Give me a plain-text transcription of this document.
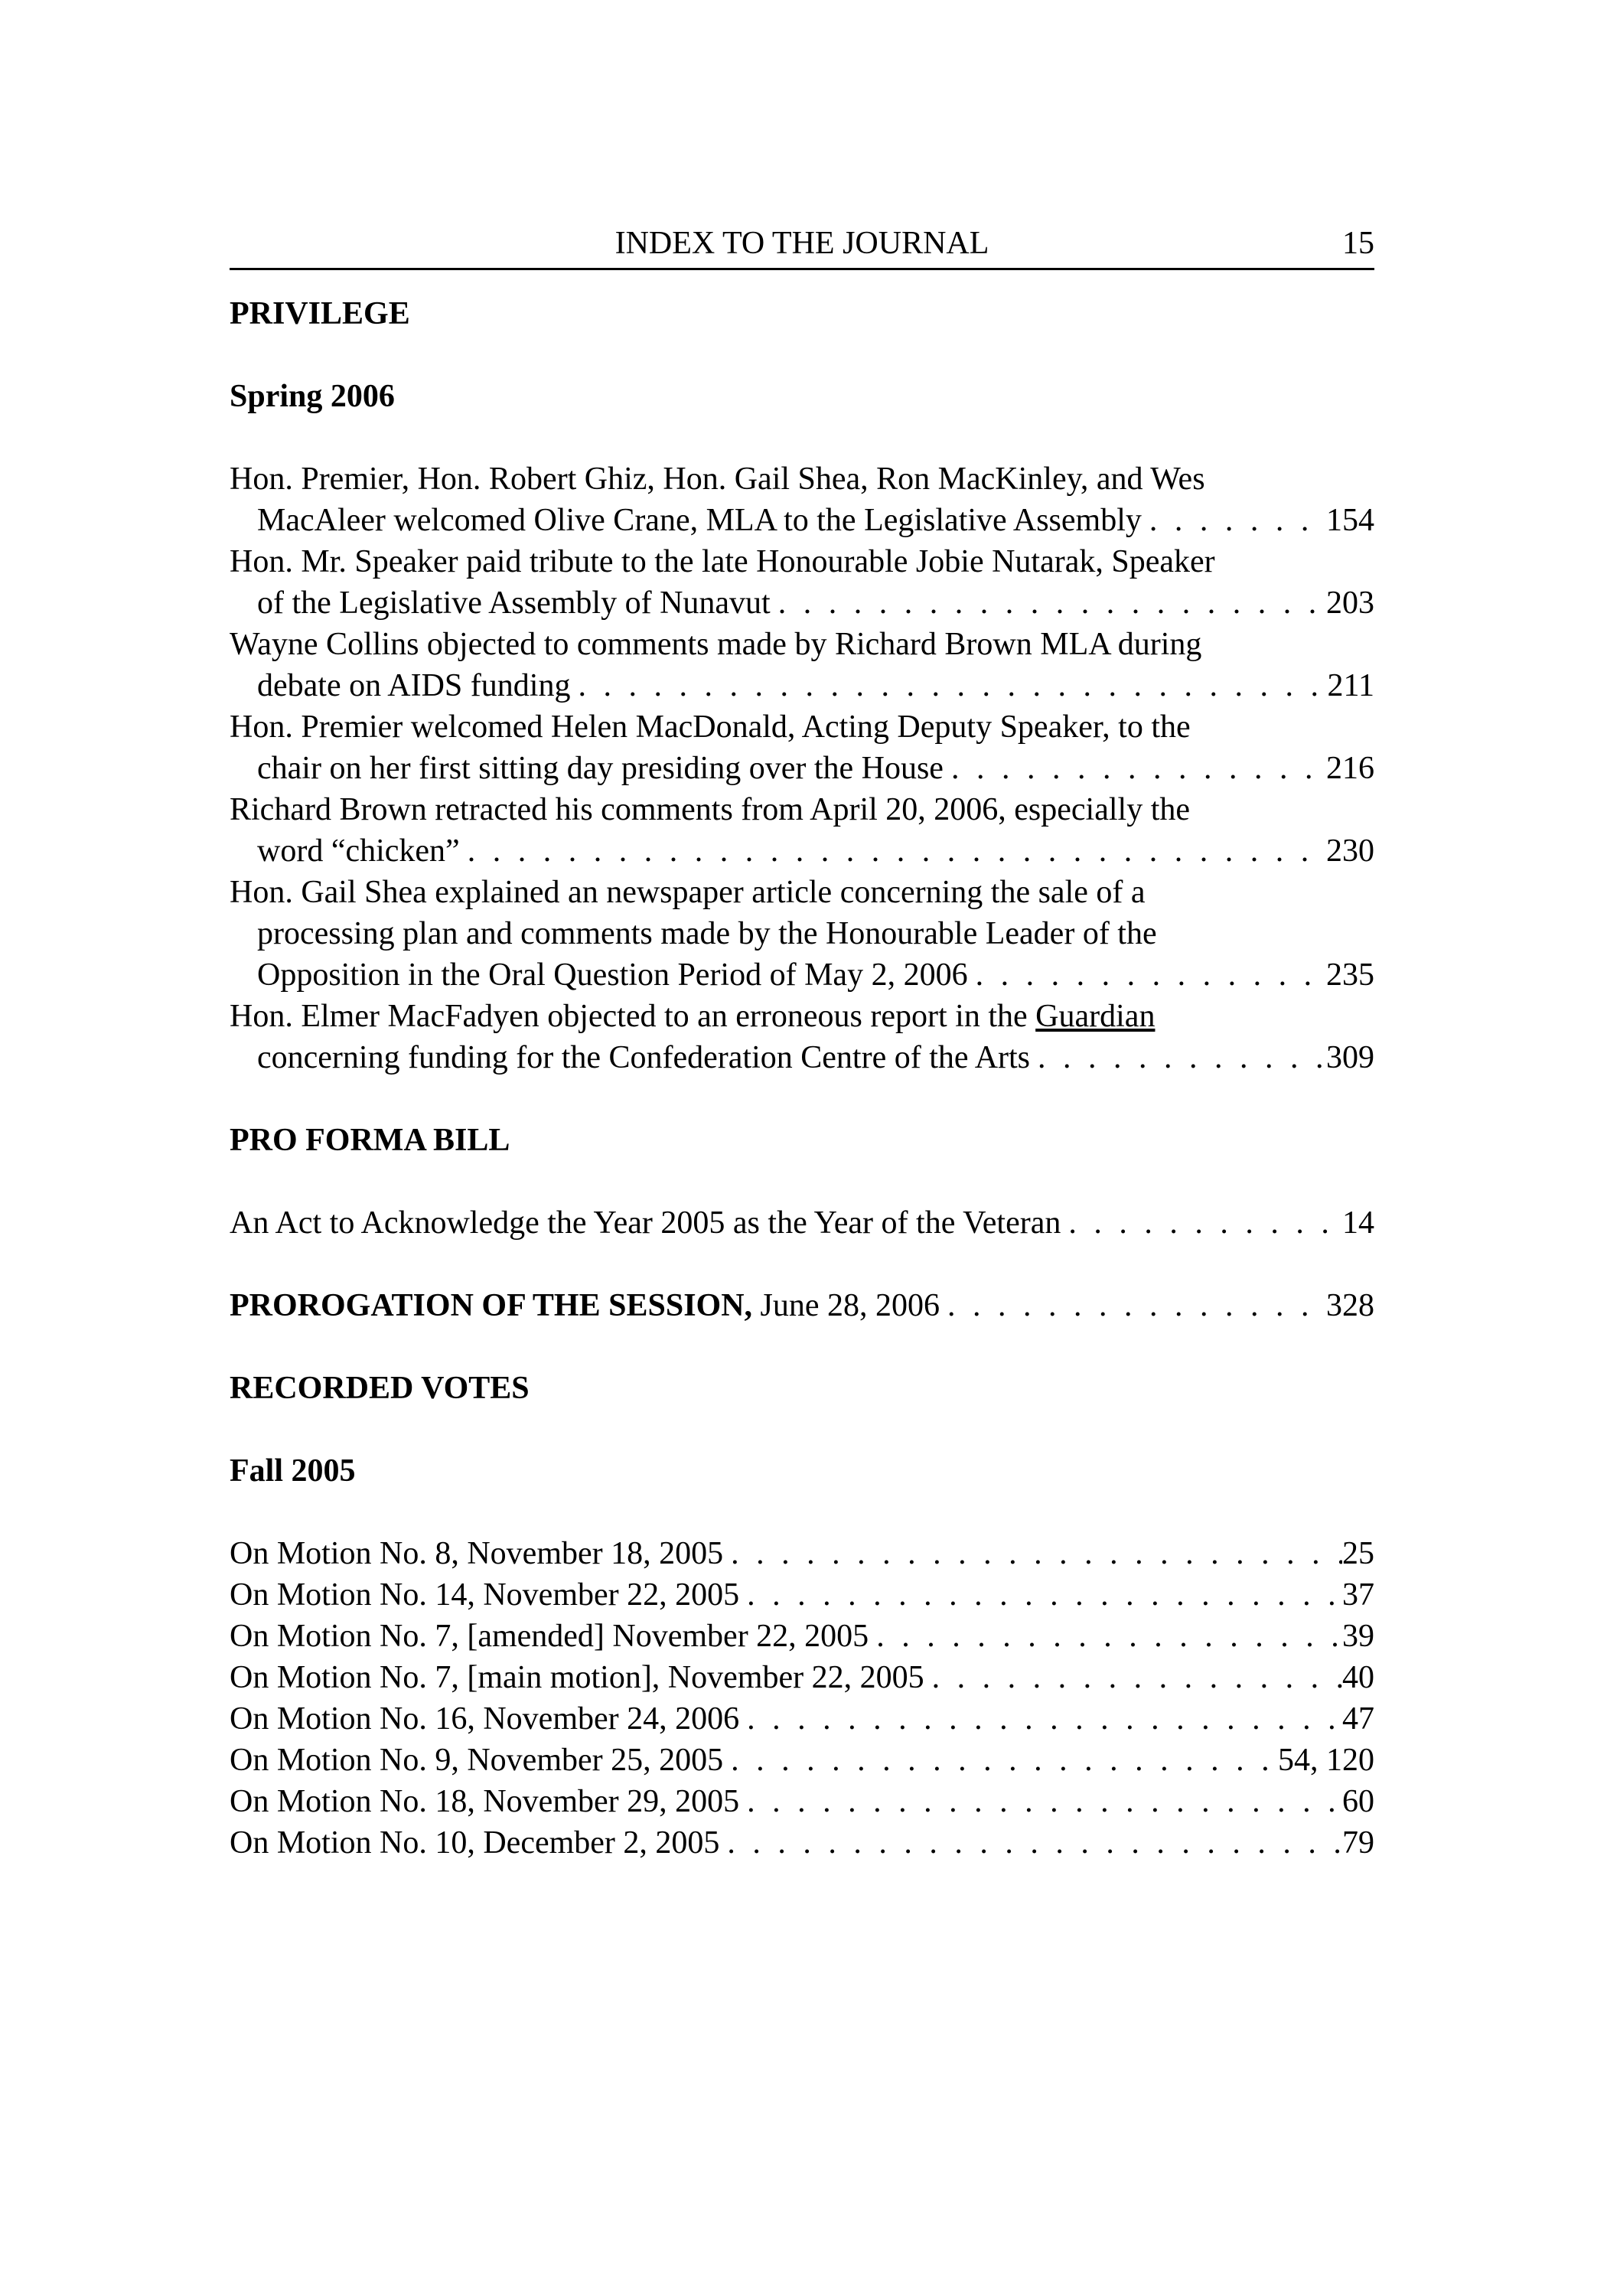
INDEX TO THE JOURNAL	15
PRIVILEGE
Spring 2006
Hon. Premier, Hon. Robert Ghiz, Hon. Gail Shea, Ron MacKinley, and Wes
MacAleer welcomed Olive Crane, MLA to the Legislative Assembly . . .	154
Hon. Mr. Speaker paid tribute to the late Honourable Jobie Nutarak, Speaker
of the Legislative Assembly of Nunavut . . .	203
Wayne Collins objected to comments made by Richard Brown MLA during
debate on AIDS funding . . .	211
Hon. Premier welcomed Helen MacDonald, Acting Deputy Speaker, to the
chair on her first sitting day presiding over the House . . .	216
Richard Brown retracted his comments from April 20, 2006, especially the
word “chicken” . . .	230
Hon. Gail Shea explained an newspaper article concerning the sale of a
processing plan and comments made by the Honourable Leader of the
Opposition in the Oral Question Period of May 2, 2006 . . .	235
Hon. Elmer MacFadyen objected to an erroneous report in the Guardian
concerning funding for the Confederation Centre of the Arts . . .	309
PRO FORMA BILL
An Act to Acknowledge the Year 2005 as the Year of the Veteran . . .	14
PROROGATION OF THE SESSION, June 28, 2006 . . .	328
RECORDED VOTES
Fall 2005
On Motion No. 8, November 18, 2005 . . .	25
On Motion No. 14, November 22, 2005 . . .	37
On Motion No. 7, [amended] November 22, 2005 . . .	39
On Motion No. 7, [main motion], November 22, 2005 . . .	40
On Motion No. 16, November 24, 2006 . . .	47
On Motion No. 9, November 25, 2005 . . .	54, 120
On Motion No. 18, November 29, 2005 . . .	60
On Motion No. 10, December 2, 2005 . . .	79
